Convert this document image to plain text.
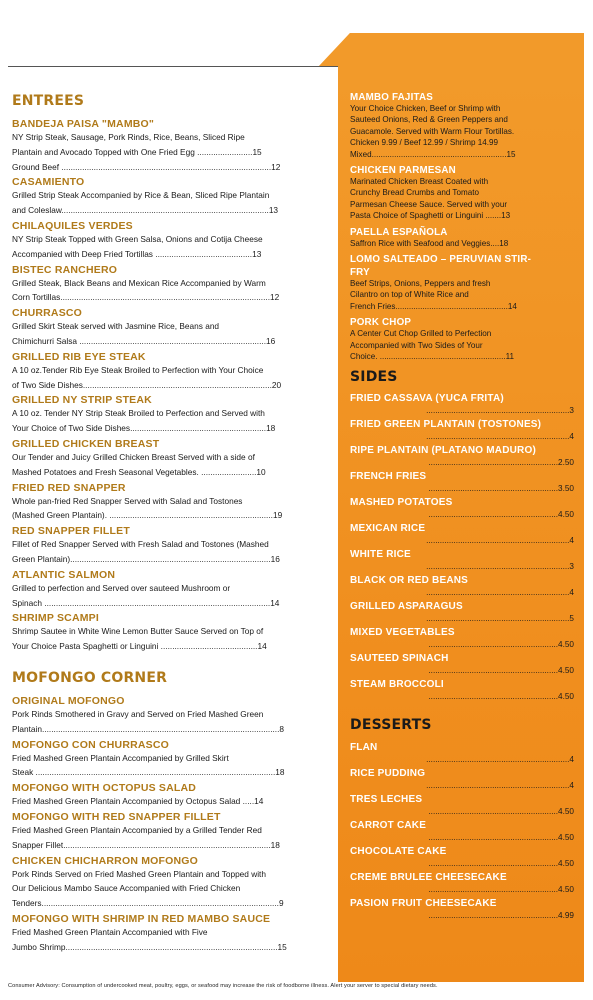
ENTREES
BANDEJA PAISA "MAMBO"
NY Strip Steak, Sausage, Pork Rinds, Rice, Beans, Sliced Ripe
Plantain and Avocado Topped with One Fried Egg ........................15
Ground Beef ...........................................................................................12
CASAMIENTO
Grilled Strip Steak Accompanied by Rice & Bean, Sliced Ripe Plantain
and Coleslaw..........................................................................................13
CHILAQUILES VERDES
NY Strip Steak Topped with Green Salsa, Onions and Cotija Cheese
Accompanied with Deep Fried Tortillas ..........................................13
BISTEC RANCHERO
Grilled Steak, Black Beans and Mexican Rice Accompanied by Warm
Corn Tortillas...........................................................................................12
CHURRASCO
Grilled Skirt Steak served with Jasmine Rice, Beans and
Chimichurri Salsa .................................................................................16
GRILLED RIB EYE STEAK
A 10 oz.Tender Rib Eye Steak Broiled to Perfection with Your Choice
of Two Side Dishes..................................................................................20
GRILLED NY STRIP STEAK
A 10 oz. Tender NY Strip Steak Broiled to Perfection and Served with
Your Choice of Two Side Dishes...........................................................18
GRILLED CHICKEN BREAST
Our Tender and Juicy Grilled Chicken Breast Served with a side of
Mashed Potatoes and Fresh Seasonal Vegetables. ........................10
FRIED RED SNAPPER
Whole pan-fried Red Snapper Served with Salad and Tostones
(Mashed Green Plantain). .......................................................................19
RED SNAPPER FILLET
Fillet of Red Snapper Served with Fresh Salad and Tostones (Mashed
Green Plantain).......................................................................................16
ATLANTIC SALMON
Grilled to perfection and Served over sauteed Mushroom or
Spinach ..................................................................................................14
SHRIMP SCAMPI
Shrimp Sautee in White Wine Lemon Butter Sauce Served on Top of
Your Choice Pasta Spaghetti or Linguini ..........................................14
MOFONGO CORNER
ORIGINAL MOFONGO
Pork Rinds Smothered in Gravy and Served on Fried Mashed Green
Plantain.......................................................................................................8
MOFONGO CON CHURRASCO
Fried Mashed Green Plantain Accompanied by Grilled Skirt
Steak ........................................................................................................18
MOFONGO WITH OCTOPUS SALAD
Fried Mashed Green Plantain Accompanied by Octopus Salad .....14
MOFONGO WITH RED SNAPPER FILLET
Fried Mashed Green Plantain Accompanied by a Grilled Tender Red
Snapper Fillet..........................................................................................18
CHICKEN CHICHARRON MOFONGO
Pork Rinds Served on Fried Mashed Green Plantain and Topped with
Our Delicious Mambo Sauce Accompanied with Fried Chicken
Tenders.......................................................................................................9
MOFONGO WITH SHRIMP IN RED MAMBO SAUCE
Fried Mashed Green Plantain Accompanied with Five
Jumbo Shrimp............................................................................................15
MAMBO FAJITAS
Your Choice Chicken, Beef or Shrimp with
Sauteed Onions, Red & Green Peppers and
Guacamole. Served with Warm Flour Tortillas.
Chicken 9.99 / Beef 12.99 / Shrimp 14.99
Mixed............................................................15
CHICKEN PARMESAN
Marinated Chicken Breast Coated with
Crunchy Bread Crumbs and Tomato
Parmesan Cheese Sauce. Served with your
Pasta Choice of Spaghetti or Linguini .......13
PAELLA ESPAÑOLA
Saffron Rice with Seafood and Veggies....18
LOMO SALTEADO – PERUVIAN STIR-
FRY
Beef Strips, Onions, Peppers and fresh
Cilantro on top of White Rice and
French Fries..................................................14
PORK CHOP
A Center Cut Chop Grilled to Perfection
Accompanied with Two Sides of Your
Choice. ........................................................11
SIDES
FRIED CASSAVA (YUCA FRITA)
...............................................................3
FRIED GREEN PLANTAIN (TOSTONES)
...............................................................4
RIPE PLANTAIN (PLATANO MADURO)
.........................................................2.50
FRENCH FRIES
.........................................................3.50
MASHED POTATOES
.........................................................4.50
MEXICAN RICE
...............................................................4
WHITE RICE
...............................................................3
BLACK OR RED BEANS
...............................................................4
GRILLED ASPARAGUS
...............................................................5
MIXED VEGETABLES
.........................................................4.50
SAUTEED SPINACH
.........................................................4.50
STEAM BROCCOLI
.........................................................4.50
DESSERTS
FLAN
...............................................................4
RICE PUDDING
...............................................................4
TRES LECHES
.........................................................4.50
CARROT CAKE
.........................................................4.50
CHOCOLATE CAKE
.........................................................4.50
CREME BRULEE CHEESECAKE
.........................................................4.50
PASION FRUIT CHEESECAKE
.........................................................4.99
Consumer Advisory: Consumption of undercooked meat, poultry, eggs, or seafood may increase the risk of foodborne illness. Alert your server to special dietary needs.
